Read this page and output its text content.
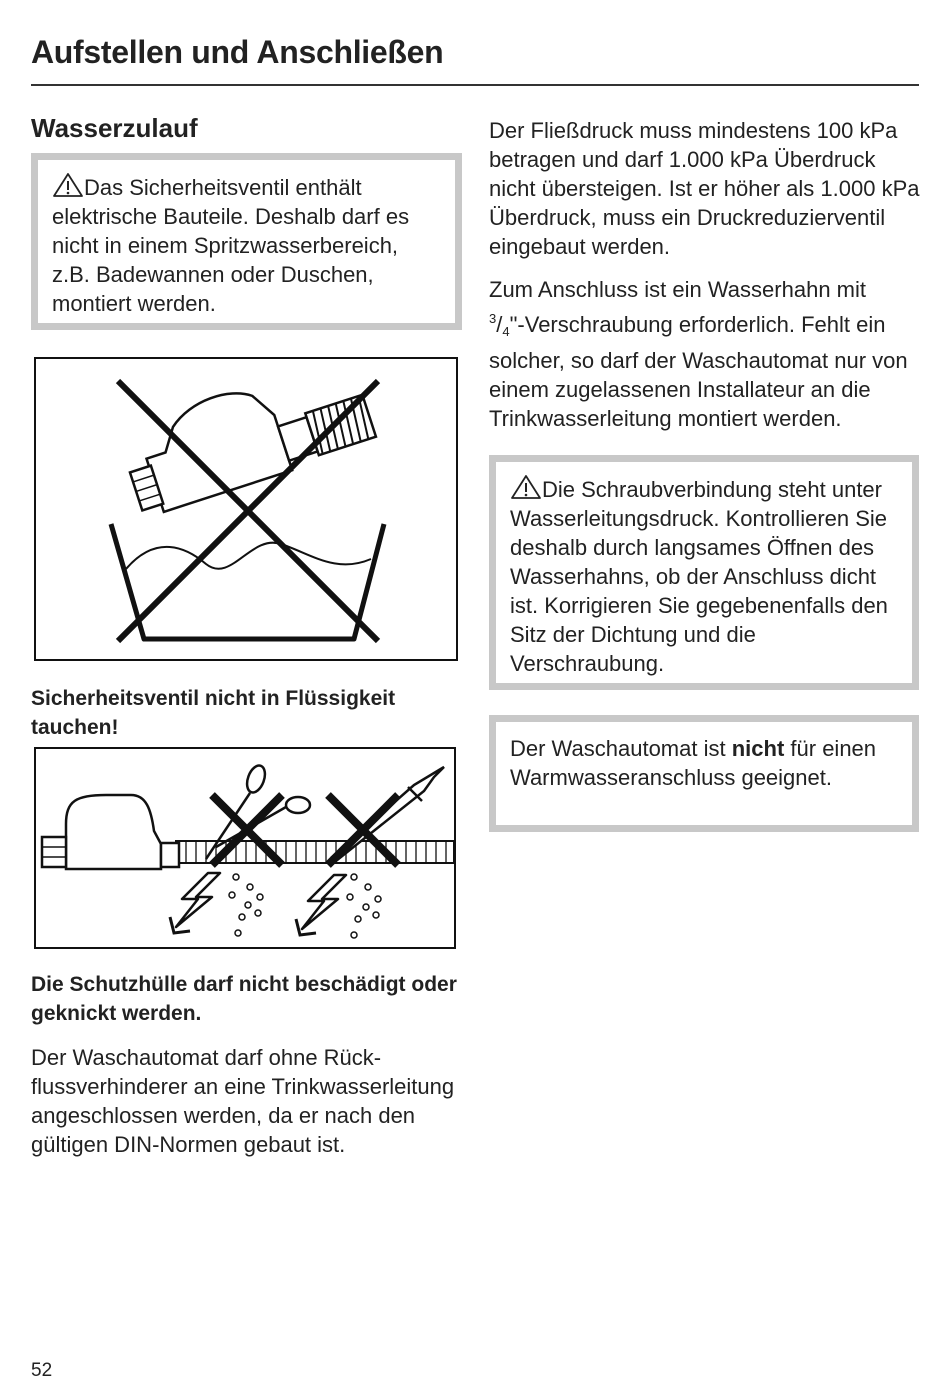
Aufstellen und Anschließen
Wasserzulauf

Das Sicherheitsventil enthält elektrische Bauteile. Deshalb darf es nicht in einem Spritzwasserbereich, z.B. Badewannen oder Duschen, montiert werden.

Sicherheitsventil nicht in Flüssigkeit tauchen!
Die Schutzhülle darf nicht beschädigt oder geknickt werden.

Der Waschautomat darf ohne Rückflussverhinderer an eine Trinkwasserleitung angeschlossen werden, da er nach den gültigen DIN-Normen gebaut ist.

Der Fließdruck muss mindestens 100 kPa betragen und darf 1.000 kPa Überdruck nicht übersteigen. Ist er höher als 1.000 kPa Überdruck, muss ein Druckreduzierventil eingebaut werden.

Zum Anschluss ist ein Wasserhahn mit
$^3$/4"-Verschraubung erforderlich. Fehlt ein solcher, so darf der Waschautomat nur von einem zugelassenen Installateur an die Trinkwasserleitung montiert werden.

Die Schraubverbindung steht unter Wasserleitungsdruck. Kontrollieren Sie deshalb durch langsames Öffnen des Wasserhahns, ob der Anschluss dicht ist. Korrigieren Sie gegebenenfalls den Sitz der Dichtung und die Verschraubung.

Der Waschautomat ist nicht für einen Warmwasseranschluss geeignet.

52
